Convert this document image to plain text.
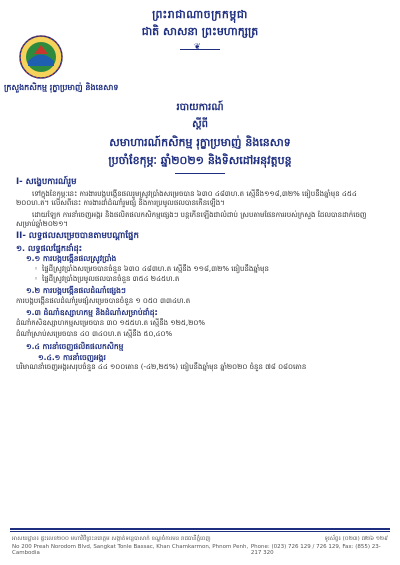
ព្រះរាជាណាចក្រកម្ពុជា
ជាតិ សាសនា ព្រះមហាក្សត្រ
❦
ក្រសួងកសិកម្ម រុក្ខាប្រមាញ់ និងនេសាទ
របាយការណ៍
ស្តីពី
សមាហារណ៍កសិកម្ម រុក្ខាប្រមាញ់ និងនេសាទ
ប្រចាំខែកុម្ភៈ ឆ្នាំ២០២១ និងទិសដៅអនុវត្តបន្ត
I- សង្ខេបការណ៍រួម

ទៅក្នុងខែកុម្ភៈនេះ ការងារបង្កបង្កើនផលរួមស្រូវប្រាំងសម្រេចបាន ៦៣០ ៤៨៣ហ.ត ស្មើនឹង១១៨,៣២% ធៀបនឹងឆ្នាំមុន ៤៥៤ ២០០ហ.ត។ លើសពីនេះ ការងារដាំដំណាំរួមផ្សំ និងការប្រមូលផលបានកើនឡើង។

ដោយឡែក ការនាំចេញអង្ករ និងផលិតផលកសិកម្មផ្សេងៗ បន្តកើនឡើងជាលំដាប់ ស្របតាមផែនការរបស់ក្រសួង ដែលបានដាក់ចេញសម្រាប់ឆ្នាំ២០២១។

II- លទ្ធផលសម្រេចបានតាមបណ្តាផ្នែក
១. លទ្ធផលផ្នែកដាំដុះ
១.១ ការបង្កបង្កើនផលស្រូវប្រាំង
◦ ផ្ទៃដីស្រូវប្រាំងសម្រេចបានចំនួន ៦៣០ ៤៨៣ហ.ត ស្មើនឹង ១១៨,៣២% ធៀបនឹងឆ្នាំមុន
◦ ផ្ទៃដីស្រូវប្រាំងប្រមូលផលបានចំនួន ៣៥៤ ២៤៥ហ.ត
១.២ ការបង្កបង្កើនផលដំណាំផ្សេងៗ

ការបង្កបង្កើនផលដំណាំរួមផ្សំសម្រេចបានចំនួន ១ ០៥០ ៣៣៤ហ.ត

១.៣ ដំណាំឧស្សាហកម្ម និងដំណាំសម្រាប់ដាំដុះ

ដំណាំកសិឧស្សាហកម្មសម្រេចបាន ៣០ ១៥៥ហ.ត ស្មើនឹង ១២៥,២០%

ដំណាំស្រាប់សម្រេចបាន ៤០ ៣៤០ហ.ត ស្មើនឹង ៥០,៤០%

១.៤ ការនាំចេញផលិតផលកសិកម្ម
១.៤.១ ការនាំចេញអង្ករ

បរិមាណនាំចេញអង្ករសរុបចំនួន ៤៤ ១០០តោន (-៤២,២៥%) ធៀបនឹងឆ្នាំមុន ឆ្នាំ២០២០ ចំនួន ៧៨ ០៨០តោន

អាសយដ្ឋាន៖ ផ្ទះលេខ២០០ មហាវិថីព្រះនរោត្តម សង្កាត់ទន្លេបាសាក់ ខណ្ឌចំការមន រាជធានីភ្នំពេញ	ទូរស័ព្ទ៖ (០២៣) ៧២៦ ១២៩
No 200 Preah Norodom Blvd, Sangkat Tonle Bassac, Khan Chamkarmon, Phnom Penh, Cambodia
Phone: (023) 726 129 / 726 129, Fax: (855) 23-217 320
